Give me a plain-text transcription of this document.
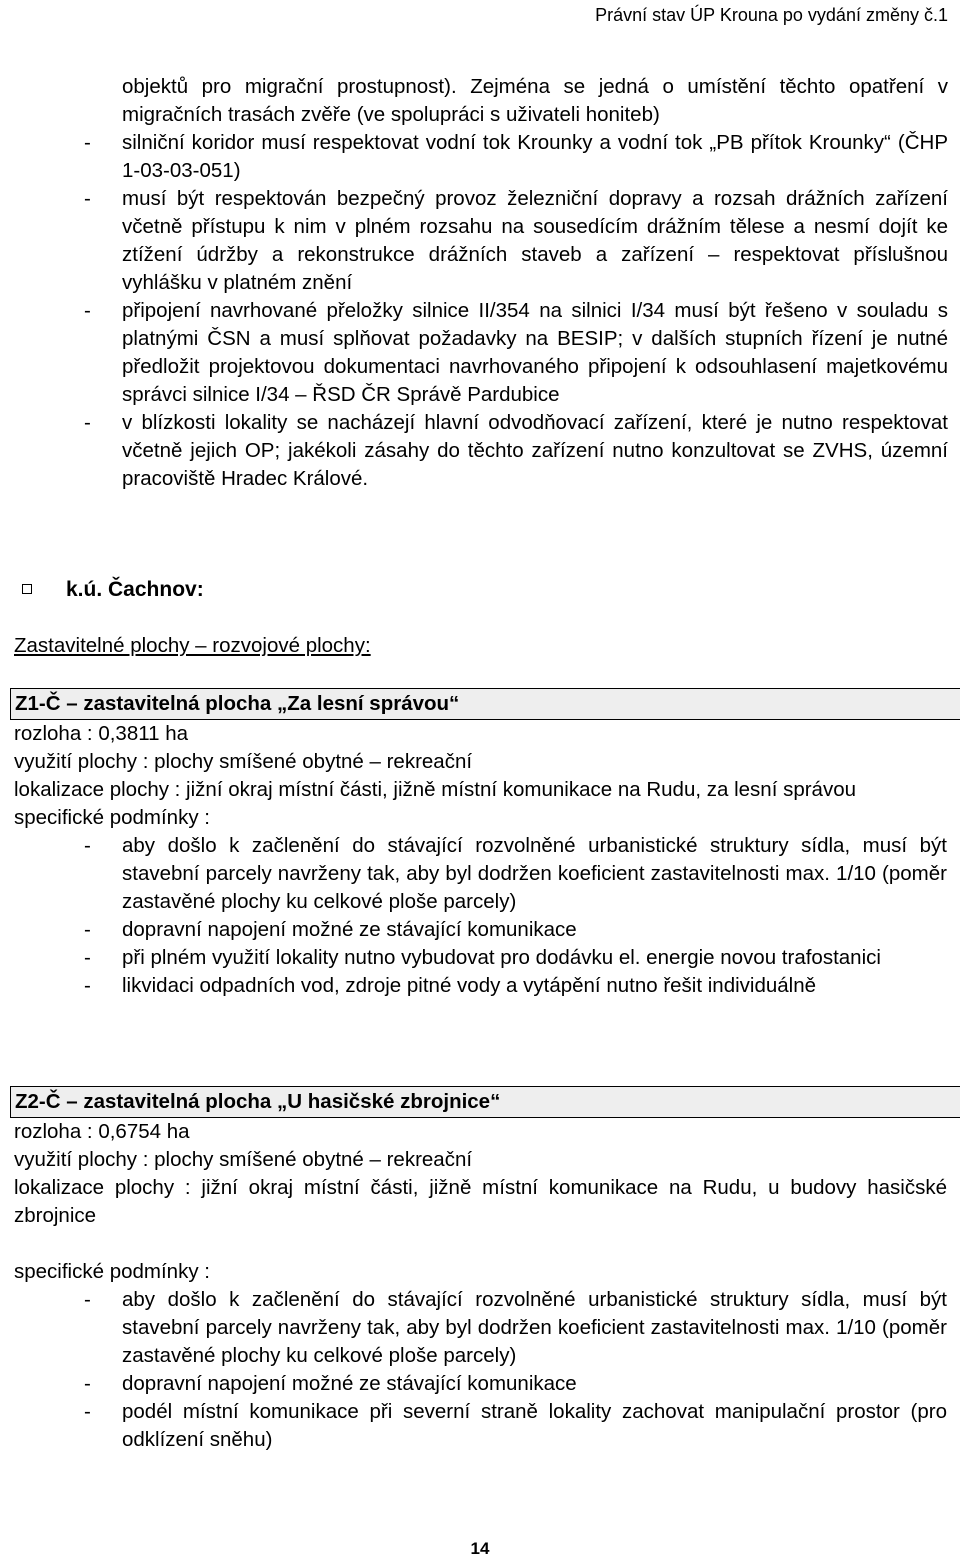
Právní stav ÚP Krouna po vydání změny č.1

objektů pro migrační prostupnost). Zejména se jedná o umístění těchto opatření v migračních trasách zvěře (ve spolupráci s uživateli honiteb)

-	silniční koridor musí respektovat vodní tok Krounky a vodní tok „PB přítok Krounky“ (ČHP 1-03-03-051)

-	musí být respektován bezpečný provoz železniční dopravy a rozsah drážních zařízení včetně přístupu k nim v plném rozsahu na sousedícím drážním tělese a nesmí dojít ke ztížení údržby a rekonstrukce drážních staveb a zařízení – respektovat příslušnou vyhlášku v platném znění

-	připojení navrhované přeložky silnice II/354 na silnici I/34 musí být řešeno v souladu s platnými ČSN a musí splňovat požadavky na BESIP; v dalších stupních řízení je nutné předložit projektovou dokumentaci navrhovaného připojení k odsouhlasení majetkovému správci silnice I/34 – ŘSD ČR Správě Pardubice

-	v blízkosti lokality se nacházejí hlavní odvodňovací zařízení, které je nutno respektovat včetně jejich OP; jakékoli zásahy do těchto zařízení nutno konzultovat se ZVHS, územní pracoviště Hradec Králové.

k.ú. Čachnov:
Zastavitelné plochy – rozvojové plochy:
Z1-Č – zastavitelná plocha „Za lesní správou“

rozloha : 0,3811 ha

využití plochy : plochy smíšené obytné – rekreační

lokalizace plochy : jižní okraj místní části, jižně místní komunikace na Rudu, za lesní správou

specifické podmínky :

-	aby došlo k začlenění do stávající rozvolněné urbanistické struktury sídla, musí být stavební parcely navrženy tak, aby byl dodržen koeficient zastavitelnosti max. 1/10 (poměr zastavěné plochy ku celkové ploše parcely)

-	dopravní napojení možné ze stávající komunikace

-	při plném využití lokality nutno vybudovat pro dodávku el. energie novou trafostanici

-	likvidaci odpadních vod, zdroje pitné vody a vytápění nutno řešit individuálně

Z2-Č – zastavitelná plocha „U hasičské zbrojnice“

rozloha : 0,6754 ha

využití plochy : plochy smíšené obytné – rekreační

lokalizace plochy : jižní okraj místní části, jižně místní komunikace na Rudu, u budovy hasičské zbrojnice

specifické podmínky :

-	aby došlo k začlenění do stávající rozvolněné urbanistické struktury sídla, musí být stavební parcely navrženy tak, aby byl dodržen koeficient zastavitelnosti max. 1/10 (poměr zastavěné plochy ku celkové ploše parcely)

-	dopravní napojení možné ze stávající komunikace

-	podél místní komunikace při severní straně lokality zachovat manipulační prostor (pro odklízení sněhu)

14
